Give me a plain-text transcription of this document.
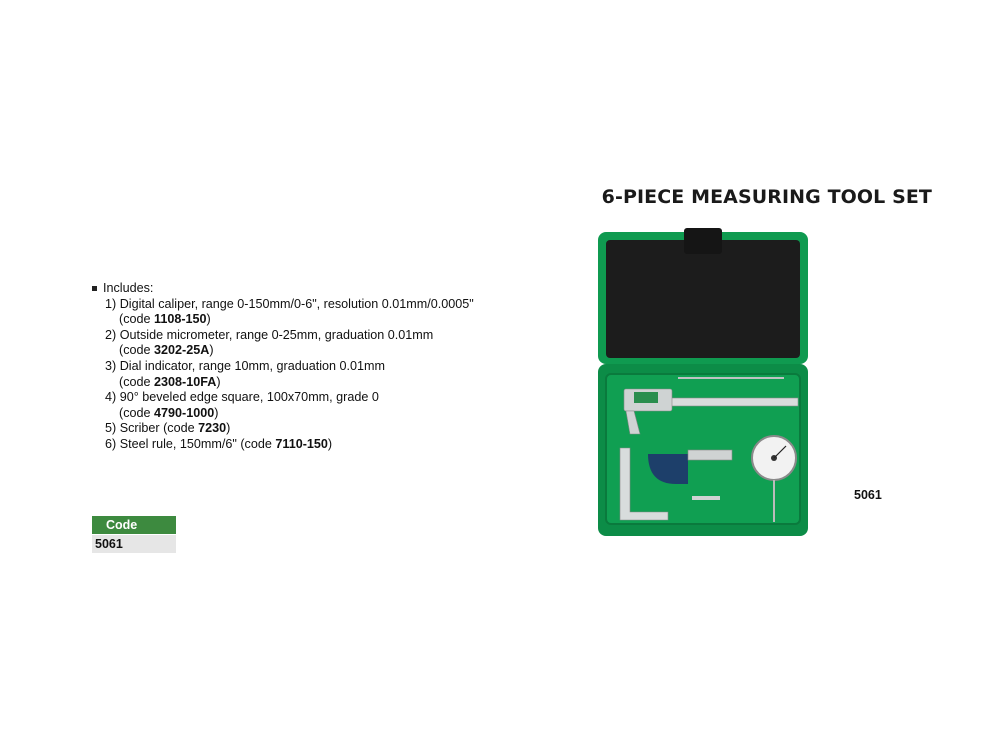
6-PIECE MEASURING TOOL SET
Includes:
1) Digital caliper, range 0-150mm/0-6", resolution 0.01mm/0.0005"
(code 1108-150)
2) Outside micrometer, range 0-25mm, graduation 0.01mm
(code 3202-25A)
3) Dial indicator, range 10mm, graduation 0.01mm
(code 2308-10FA)
4) 90° beveled edge square, 100x70mm, grade 0
(code 4790-1000)
5) Scriber (code 7230)
6) Steel rule, 150mm/6" (code 7110-150)
Code
5061
5061
